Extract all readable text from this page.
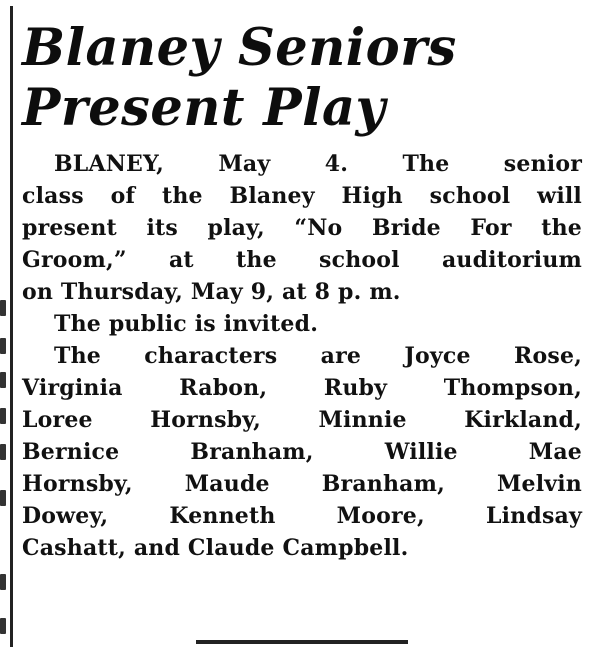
Blaney Seniors
Present Play

BLANEY, May 4. The senior
class of the Blaney High school will
present its play, “No Bride For the
Groom,” at the school auditorium
on Thursday, May 9, at 8 p. m.

The public is invited.

The characters are Joyce Rose,
Virginia Rabon, Ruby Thompson,
Loree Hornsby, Minnie Kirkland,
Bernice Branham, Willie Mae
Hornsby, Maude Branham, Melvin
Dowey, Kenneth Moore, Lindsay
Cashatt, and Claude Campbell.
